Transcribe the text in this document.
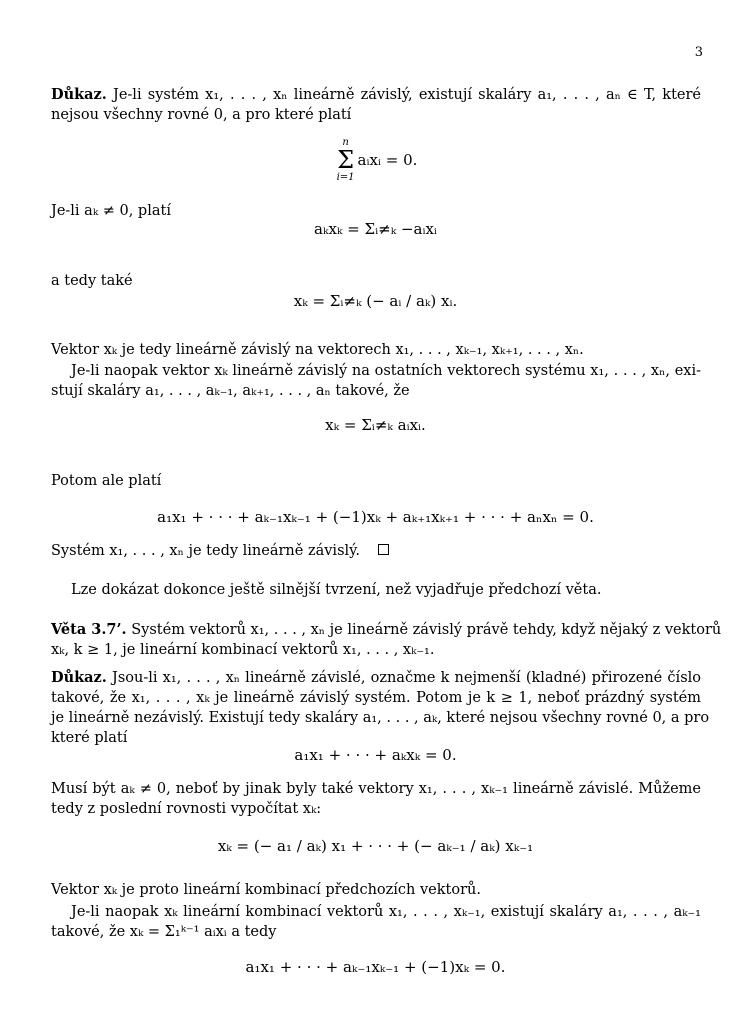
3
Důkaz. Je-li systém x₁, . . . , xₙ lineárně závislý, existují skaláry a₁, . . . , aₙ ∈ T, které
nejsou všechny rovné 0, a pro které platí
n
Σ
i=1
aᵢxᵢ = 0.
Je-li aₖ ≠ 0, platí
aₖxₖ = Σᵢ≠ₖ −aᵢxᵢ
a tedy také
xₖ = Σᵢ≠ₖ (− aᵢ / aₖ) xᵢ.
Vektor xₖ je tedy lineárně závislý na vektorech x₁, . . . , xₖ₋₁, xₖ₊₁, . . . , xₙ.
Je-li naopak vektor xₖ lineárně závislý na ostatních vektorech systému x₁, . . . , xₙ, exi-
stují skaláry a₁, . . . , aₖ₋₁, aₖ₊₁, . . . , aₙ takové, že
xₖ = Σᵢ≠ₖ aᵢxᵢ.
Potom ale platí
a₁x₁ + · · · + aₖ₋₁xₖ₋₁ + (−1)xₖ + aₖ₊₁xₖ₊₁ + · · · + aₙxₙ = 0.
Systém x₁, . . . , xₙ je tedy lineárně závislý.
Lze dokázat dokonce ještě silnější tvrzení, než vyjadřuje předchozí věta.
Věta 3.7’. Systém vektorů x₁, . . . , xₙ je lineárně závislý právě tehdy, když nějaký z vektorů
xₖ, k ≥ 1, je lineární kombinací vektorů x₁, . . . , xₖ₋₁.
Důkaz. Jsou-li x₁, . . . , xₙ lineárně závislé, označme k nejmenší (kladné) přirozené číslo
takové, že x₁, . . . , xₖ je lineárně závislý systém. Potom je k ≥ 1, neboť prázdný systém
je lineárně nezávislý. Existují tedy skaláry a₁, . . . , aₖ, které nejsou všechny rovné 0, a pro
které platí
a₁x₁ + · · · + aₖxₖ = 0.
Musí být aₖ ≠ 0, neboť by jinak byly také vektory x₁, . . . , xₖ₋₁ lineárně závislé. Můžeme
tedy z poslední rovnosti vypočítat xₖ:
xₖ = (− a₁ / aₖ) x₁ + · · · + (− aₖ₋₁ / aₖ) xₖ₋₁
Vektor xₖ je proto lineární kombinací předchozích vektorů.
Je-li naopak xₖ lineární kombinací vektorů x₁, . . . , xₖ₋₁, existují skaláry a₁, . . . , aₖ₋₁
takové, že xₖ = Σ₁ᵏ⁻¹ aᵢxᵢ a tedy
a₁x₁ + · · · + aₖ₋₁xₖ₋₁ + (−1)xₖ = 0.
